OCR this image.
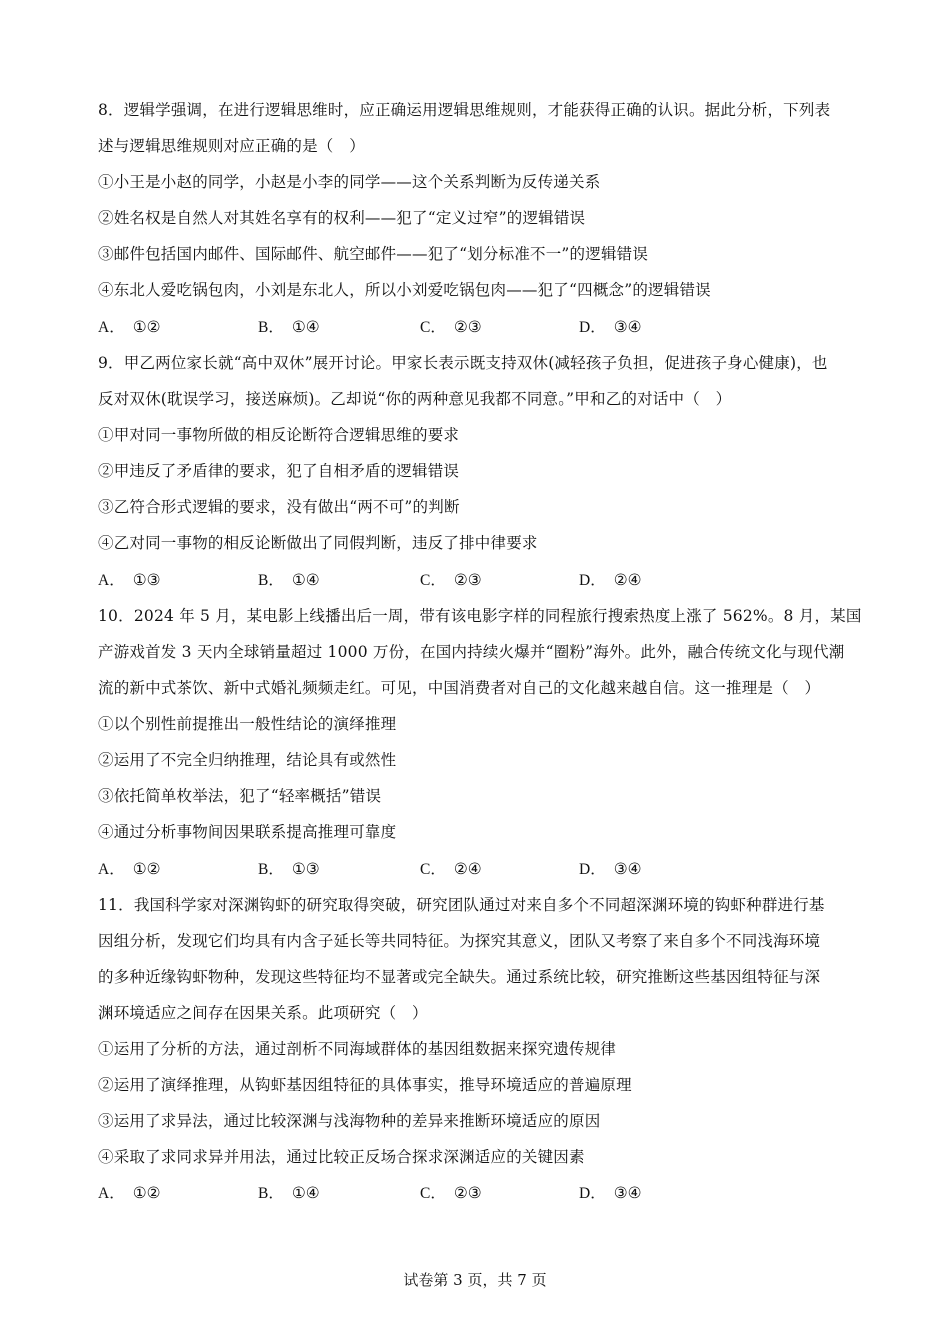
8．逻辑学强调，在进行逻辑思维时，应正确运用逻辑思维规则，才能获得正确的认识。据此分析，下列表
述与逻辑思维规则对应正确的是（　）
①小王是小赵的同学，小赵是小李的同学——这个关系判断为反传递关系
②姓名权是自然人对其姓名享有的权利——犯了“定义过窄”的逻辑错误
③邮件包括国内邮件、国际邮件、航空邮件——犯了“划分标准不一”的逻辑错误
④东北人爱吃锅包肉，小刘是东北人，所以小刘爱吃锅包肉——犯了“四概念”的逻辑错误
A． ①②	B． ①④	C． ②③	D． ③④
9．甲乙两位家长就“高中双休”展开讨论。甲家长表示既支持双休(减轻孩子负担，促进孩子身心健康)，也
反对双休(耽误学习，接送麻烦)。乙却说“你的两种意见我都不同意。”甲和乙的对话中（　）
①甲对同一事物所做的相反论断符合逻辑思维的要求
②甲违反了矛盾律的要求，犯了自相矛盾的逻辑错误
③乙符合形式逻辑的要求，没有做出“两不可”的判断
④乙对同一事物的相反论断做出了同假判断，违反了排中律要求
A． ①③	B． ①④	C． ②③	D． ②④
10．2024 年 5 月，某电影上线播出后一周，带有该电影字样的同程旅行搜索热度上涨了 562%。8 月，某国
产游戏首发 3 天内全球销量超过 1000 万份，在国内持续火爆并“圈粉”海外。此外，融合传统文化与现代潮
流的新中式茶饮、新中式婚礼频频走红。可见，中国消费者对自己的文化越来越自信。这一推理是（　）
①以个别性前提推出一般性结论的演绎推理
②运用了不完全归纳推理，结论具有或然性
③依托简单枚举法，犯了“轻率概括”错误
④通过分析事物间因果联系提高推理可靠度
A． ①②	B． ①③	C． ②④	D． ③④
11．我国科学家对深渊钩虾的研究取得突破，研究团队通过对来自多个不同超深渊环境的钩虾种群进行基
因组分析，发现它们均具有内含子延长等共同特征。为探究其意义，团队又考察了来自多个不同浅海环境
的多种近缘钩虾物种，发现这些特征均不显著或完全缺失。通过系统比较，研究推断这些基因组特征与深
渊环境适应之间存在因果关系。此项研究（　）
①运用了分析的方法，通过剖析不同海域群体的基因组数据来探究遗传规律
②运用了演绎推理，从钩虾基因组特征的具体事实，推导环境适应的普遍原理
③运用了求异法，通过比较深渊与浅海物种的差异来推断环境适应的原因
④采取了求同求异并用法，通过比较正反场合探求深渊适应的关键因素
A． ①②	B． ①④	C． ②③	D． ③④
试卷第 3 页，共 7 页
